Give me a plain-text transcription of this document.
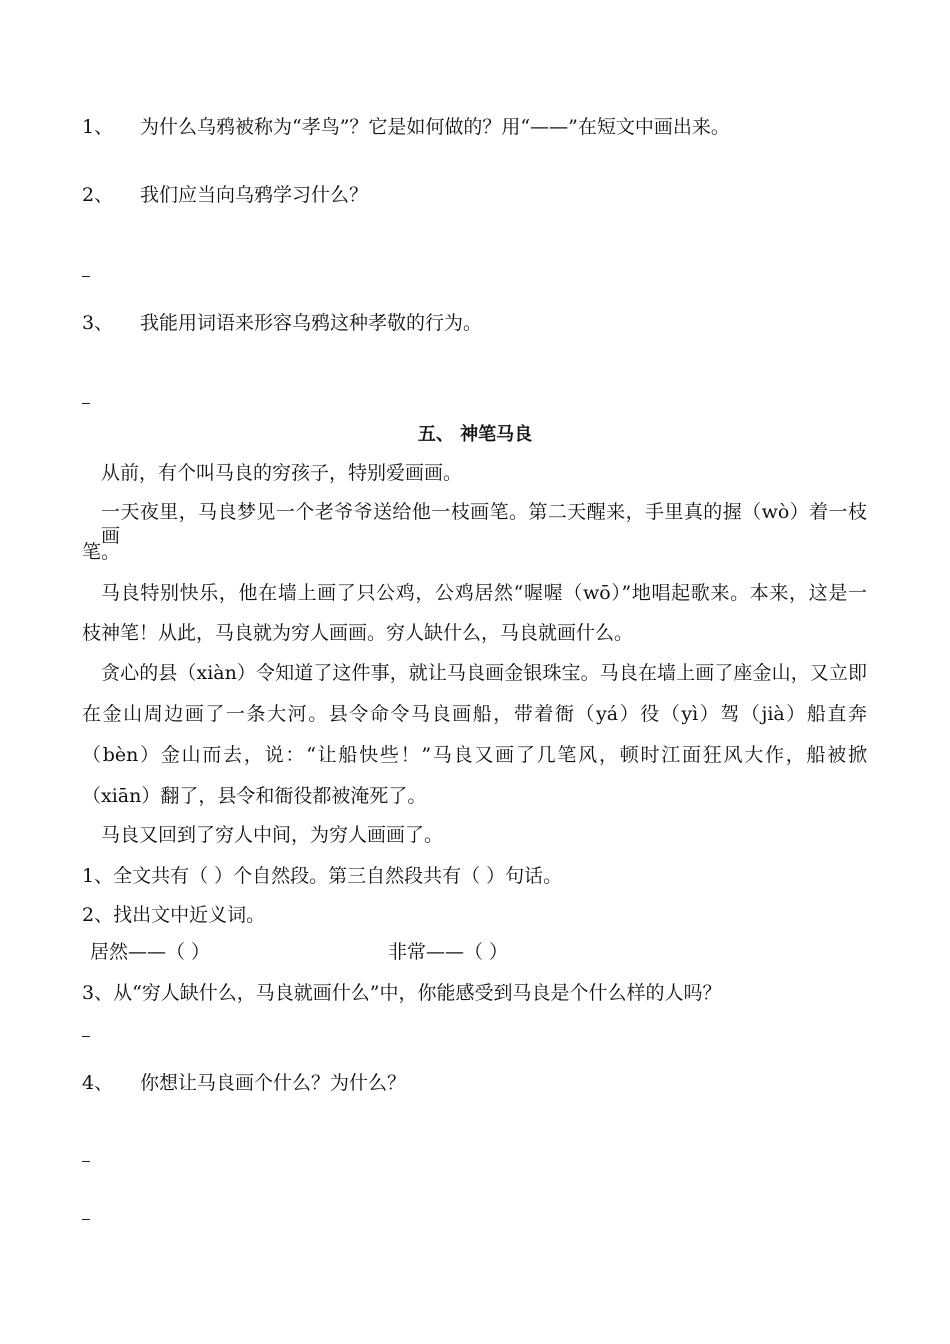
1、 为什么乌鸦被称为“孝鸟”？它是如何做的？用“——”在短文中画出来。
2、 我们应当向乌鸦学习什么？
3、 我能用词语来形容乌鸦这种孝敬的行为。
五、 神笔马良
从前，有个叫马良的穷孩子，特别爱画画。
一天夜里，马良梦见一个老爷爷送给他一枝画笔。第二天醒来，手里真的握（wò）着一枝画
笔。
马良特别快乐，他在墙上画了只公鸡，公鸡居然“喔喔（wō）”地唱起歌来。本来，这是一
枝神笔！从此，马良就为穷人画画。穷人缺什么，马良就画什么。
贪心的县（xiàn）令知道了这件事，就让马良画金银珠宝。马良在墙上画了座金山，又立即
在金山周边画了一条大河。县令命令马良画船，带着衙（yá）役（yì）驾（jià）船直奔
（bèn）金山而去，说：“让船快些！”马良又画了几笔风，顿时江面狂风大作，船被掀
（xiān）翻了，县令和衙役都被淹死了。
马良又回到了穷人中间，为穷人画画了。
1、全文共有（ ）个自然段。第三自然段共有（ ）句话。
2、找出文中近义词。
居然——（ ）	非常——（ ）
3、从“穷人缺什么，马良就画什么”中，你能感受到马良是个什么样的人吗？
4、 你想让马良画个什么？为什么？
